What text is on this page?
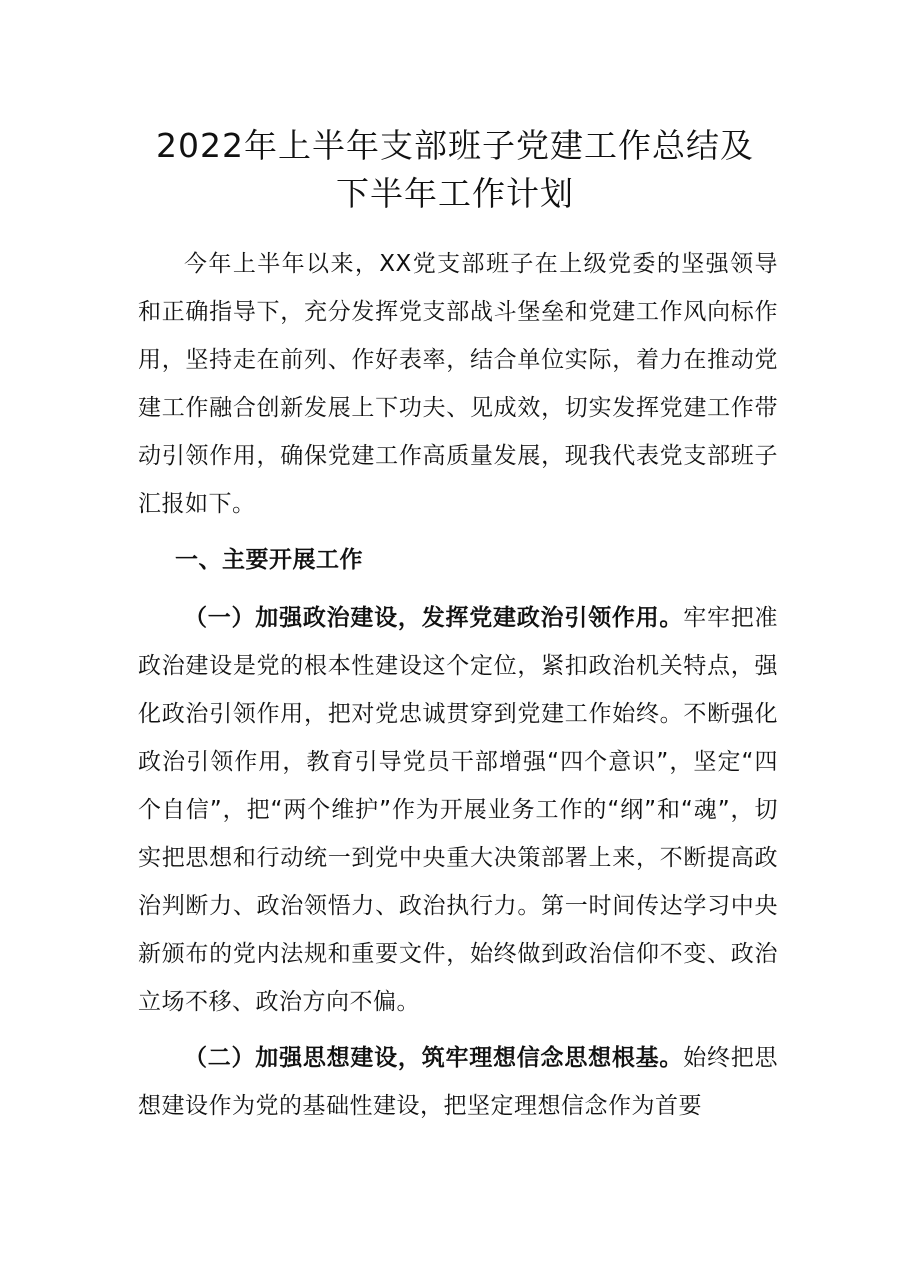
2022年上半年支部班子党建工作总结及
下半年工作计划

今年上半年以来，XX党支部班子在上级党委的坚强领导和正确指导下，充分发挥党支部战斗堡垒和党建工作风向标作用，坚持走在前列、作好表率，结合单位实际，着力在推动党建工作融合创新发展上下功夫、见成效，切实发挥党建工作带动引领作用，确保党建工作高质量发展，现我代表党支部班子汇报如下。

一、主要开展工作

（一）加强政治建设，发挥党建政治引领作用。牢牢把准政治建设是党的根本性建设这个定位，紧扣政治机关特点，强化政治引领作用，把对党忠诚贯穿到党建工作始终。不断强化政治引领作用，教育引导党员干部增强“四个意识”，坚定“四个自信”，把“两个维护”作为开展业务工作的“纲”和“魂”，切实把思想和行动统一到党中央重大决策部署上来，不断提高政治判断力、政治领悟力、政治执行力。第一时间传达学习中央新颁布的党内法规和重要文件，始终做到政治信仰不变、政治立场不移、政治方向不偏。

（二）加强思想建设，筑牢理想信念思想根基。始终把思想建设作为党的基础性建设，把坚定理想信念作为首要
